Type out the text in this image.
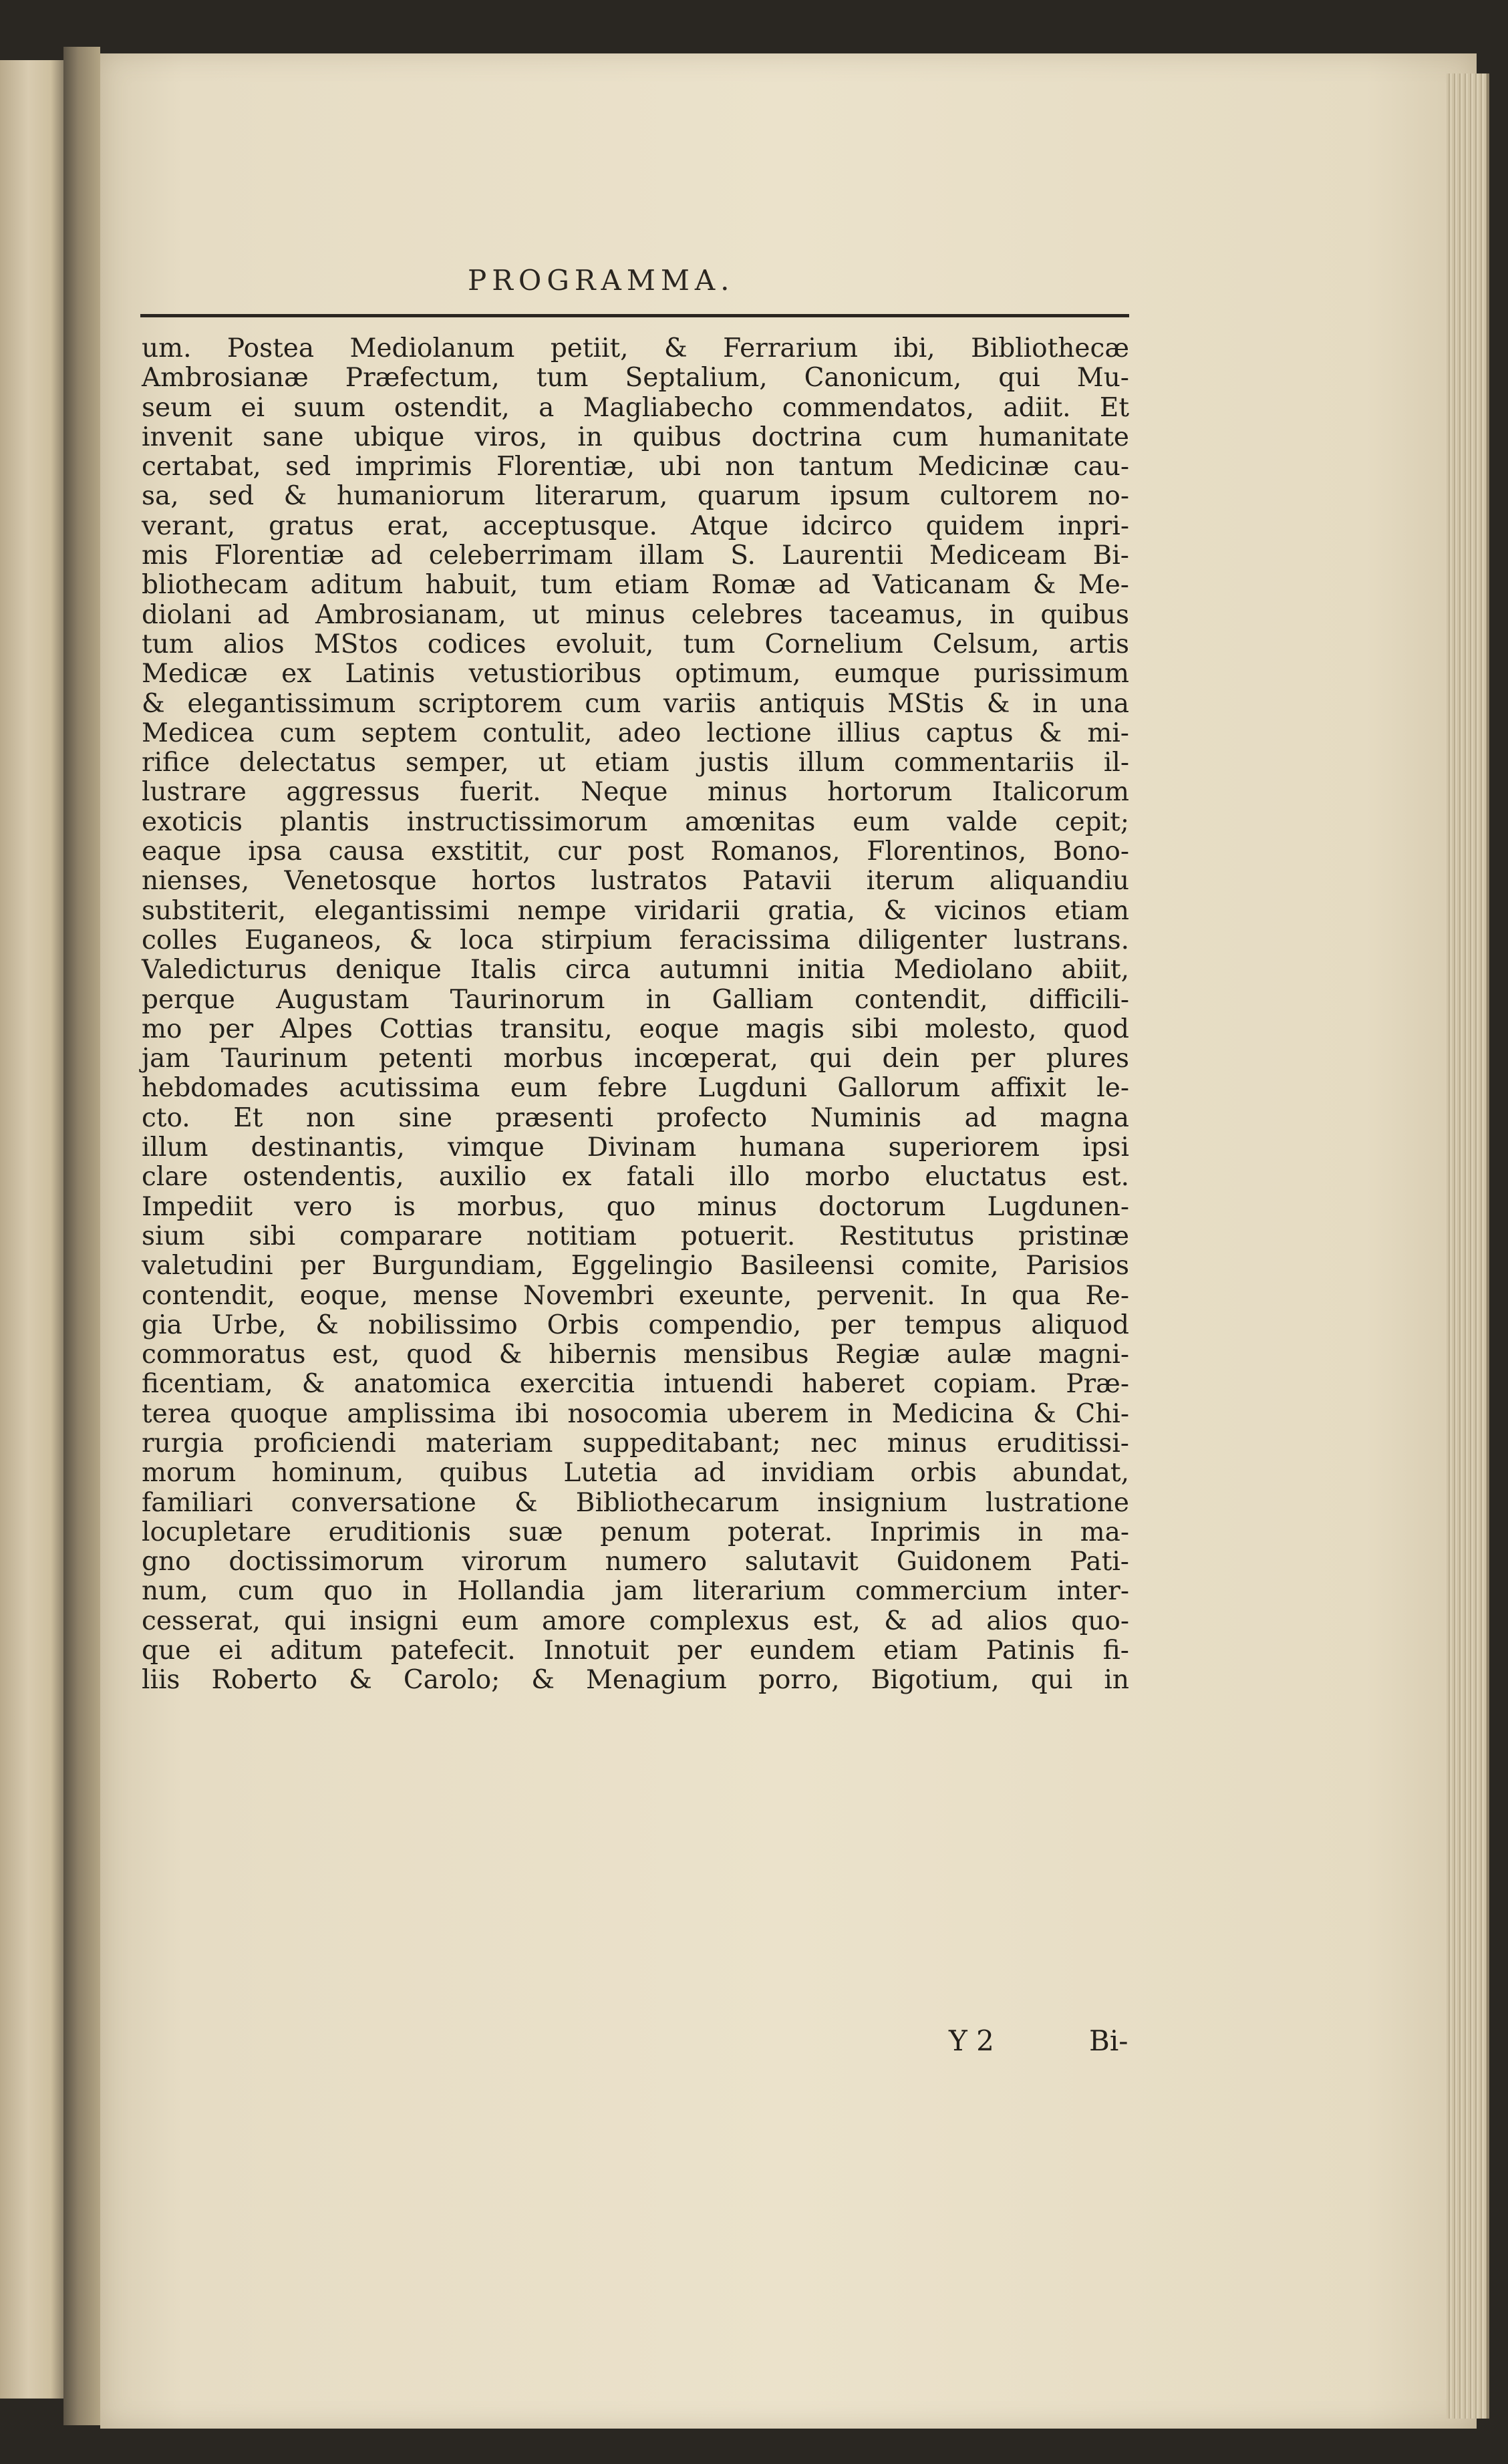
PROGRAMMA.
um. Postea Mediolanum petiit, & Ferrarium ibi, Bibliothecæ
Ambrosianæ Præfectum, tum Septalium, Canonicum, qui Mu-
seum ei suum ostendit, a Magliabecho commendatos, adiit. Et
invenit sane ubique viros, in quibus doctrina cum humanitate
certabat, sed imprimis Florentiæ, ubi non tantum Medicinæ cau-
sa, sed & humaniorum literarum, quarum ipsum cultorem no-
verant, gratus erat, acceptusque. Atque idcirco quidem inpri-
mis Florentiæ ad celeberrimam illam S. Laurentii Mediceam Bi-
bliothecam aditum habuit, tum etiam Romæ ad Vaticanam & Me-
diolani ad Ambrosianam, ut minus celebres taceamus, in quibus
tum alios MStos codices evoluit, tum Cornelium Celsum, artis
Medicæ ex Latinis vetustioribus optimum, eumque purissimum
& elegantissimum scriptorem cum variis antiquis MStis & in una
Medicea cum septem contulit, adeo lectione illius captus & mi-
rifice delectatus semper, ut etiam justis illum commentariis il-
lustrare aggressus fuerit. Neque minus hortorum Italicorum
exoticis plantis instructissimorum amœnitas eum valde cepit;
eaque ipsa causa exstitit, cur post Romanos, Florentinos, Bono-
nienses, Venetosque hortos lustratos Patavii iterum aliquandiu
substiterit, elegantissimi nempe viridarii gratia, & vicinos etiam
colles Euganeos, & loca stirpium feracissima diligenter lustrans.
Valedicturus denique Italis circa autumni initia Mediolano abiit,
perque Augustam Taurinorum in Galliam contendit, difficili-
mo per Alpes Cottias transitu, eoque magis sibi molesto, quod
jam Taurinum petenti morbus incœperat, qui dein per plures
hebdomades acutissima eum febre Lugduni Gallorum affixit le-
cto. Et non sine præsenti profecto Numinis ad magna
illum destinantis, vimque Divinam humana superiorem ipsi
clare ostendentis, auxilio ex fatali illo morbo eluctatus est.
Impediit vero is morbus, quo minus doctorum Lugdunen-
sium sibi comparare notitiam potuerit. Restitutus pristinæ
valetudini per Burgundiam, Eggelingio Basileensi comite, Parisios
contendit, eoque, mense Novembri exeunte, pervenit. In qua Re-
gia Urbe, & nobilissimo Orbis compendio, per tempus aliquod
commoratus est, quod & hibernis mensibus Regiæ aulæ magni-
ficentiam, & anatomica exercitia intuendi haberet copiam. Præ-
terea quoque amplissima ibi nosocomia uberem in Medicina & Chi-
rurgia proficiendi materiam suppeditabant; nec minus eruditissi-
morum hominum, quibus Lutetia ad invidiam orbis abundat,
familiari conversatione & Bibliothecarum insignium lustratione
locupletare eruditionis suæ penum poterat. Inprimis in ma-
gno doctissimorum virorum numero salutavit Guidonem Pati-
num, cum quo in Hollandia jam literarium commercium inter-
cesserat, qui insigni eum amore complexus est, & ad alios quo-
que ei aditum patefecit. Innotuit per eundem etiam Patinis fi-
liis Roberto & Carolo; & Menagium porro, Bigotium, qui in
Y 2	Bi-
